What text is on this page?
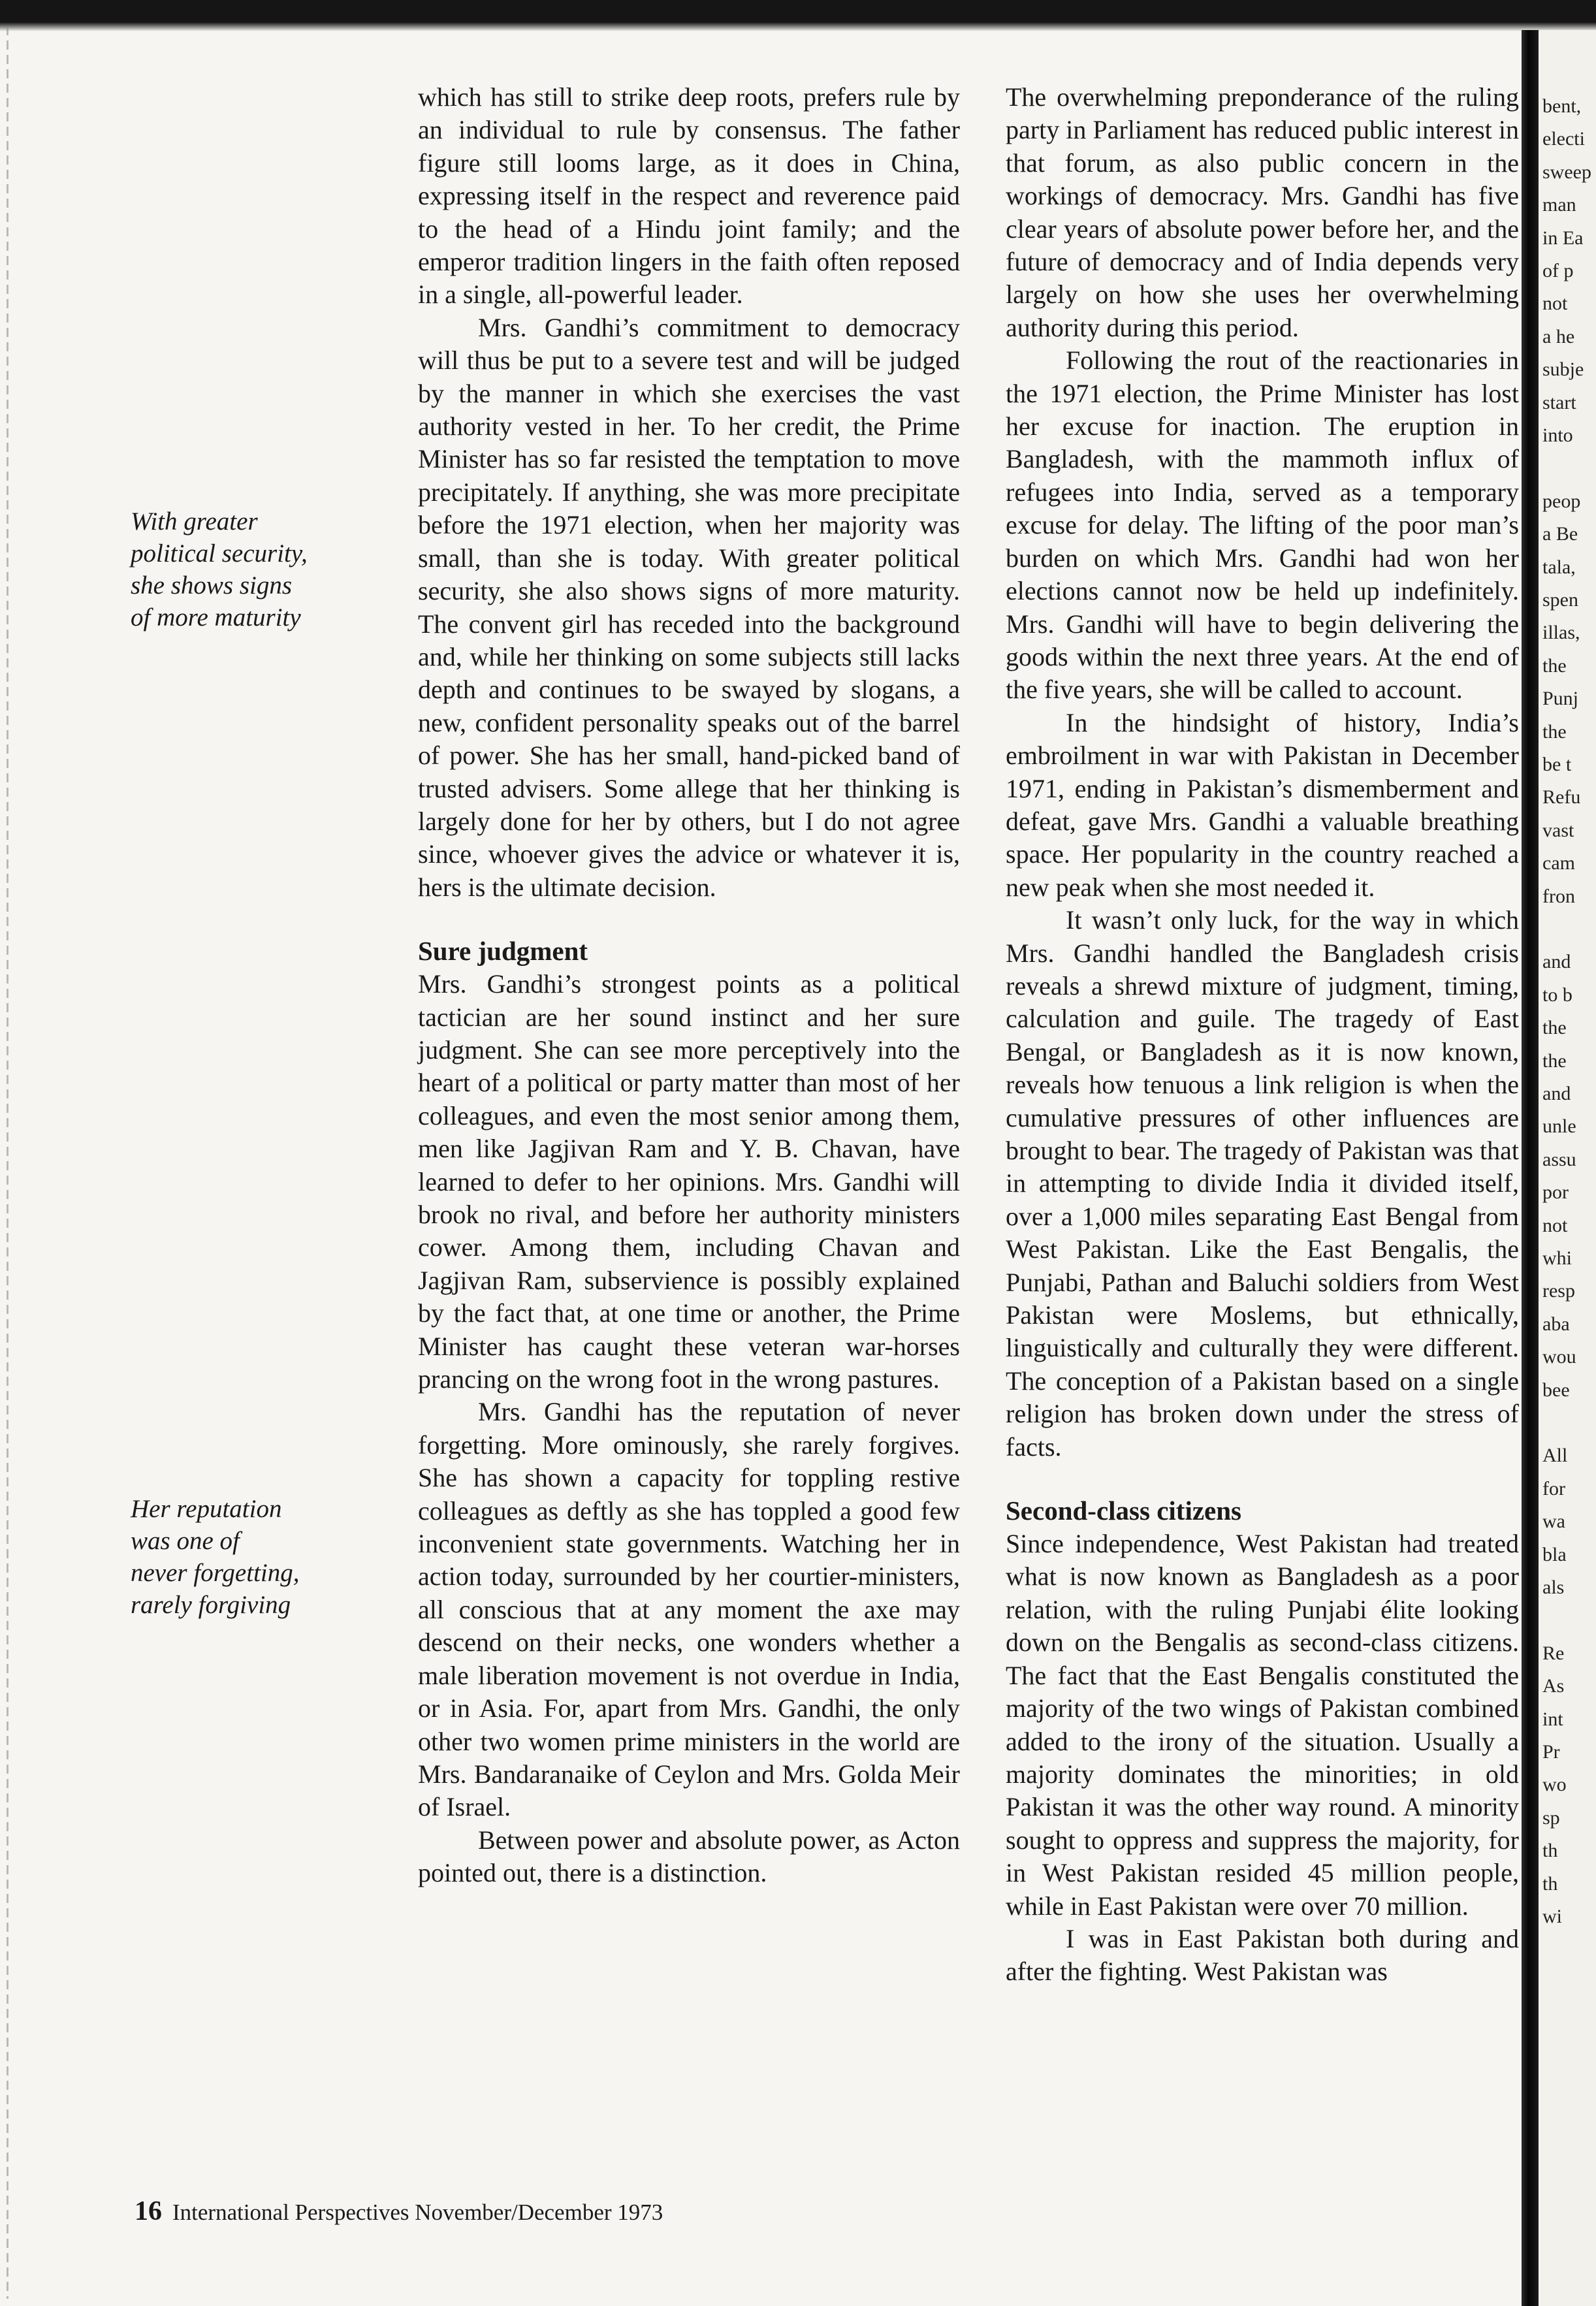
With greater
political security,
she shows signs
of more maturity
Her reputation
was one of
never forgetting,
rarely forgiving

which has still to strike deep roots, prefers rule by an individual to rule by consensus. The father figure still looms large, as it does in China, expressing itself in the respect and reverence paid to the head of a Hindu joint family; and the emperor tradition lingers in the faith often reposed in a single, all-powerful leader.

Mrs. Gandhi’s commitment to democracy will thus be put to a severe test and will be judged by the manner in which she exercises the vast authority vested in her. To her credit, the Prime Minister has so far resisted the temptation to move precipitately. If anything, she was more precipitate before the 1971 election, when her majority was small, than she is today. With greater political security, she also shows signs of more maturity. The convent girl has receded into the background and, while her thinking on some subjects still lacks depth and continues to be swayed by slogans, a new, confident personality speaks out of the barrel of power. She has her small, hand-picked band of trusted advisers. Some allege that her thinking is largely done for her by others, but I do not agree since, whoever gives the advice or whatever it is, hers is the ultimate decision.

Sure judgment

Mrs. Gandhi’s strongest points as a political tactician are her sound instinct and her sure judgment. She can see more perceptively into the heart of a political or party matter than most of her colleagues, and even the most senior among them, men like Jagjivan Ram and Y. B. Chavan, have learned to defer to her opinions. Mrs. Gandhi will brook no rival, and before her authority ministers cower. Among them, including Chavan and Jagjivan Ram, subservience is possibly explained by the fact that, at one time or another, the Prime Minister has caught these veteran war-horses prancing on the wrong foot in the wrong pastures.

Mrs. Gandhi has the reputation of never forgetting. More ominously, she rarely forgives. She has shown a capacity for toppling restive colleagues as deftly as she has toppled a good few inconvenient state governments. Watching her in action today, surrounded by her courtier-ministers, all conscious that at any moment the axe may descend on their necks, one wonders whether a male liberation movement is not overdue in India, or in Asia. For, apart from Mrs. Gandhi, the only other two women prime ministers in the world are Mrs. Bandaranaike of Ceylon and Mrs. Golda Meir of Israel.

Between power and absolute power, as Acton pointed out, there is a distinction.

The overwhelming preponderance of the ruling party in Parliament has reduced public interest in that forum, as also public concern in the workings of democracy. Mrs. Gandhi has five clear years of absolute power before her, and the future of democracy and of India depends very largely on how she uses her overwhelming authority during this period.

Following the rout of the reactionaries in the 1971 election, the Prime Minister has lost her excuse for inaction. The eruption in Bangladesh, with the mammoth influx of refugees into India, served as a temporary excuse for delay. The lifting of the poor man’s burden on which Mrs. Gandhi had won her elections cannot now be held up indefinitely. Mrs. Gandhi will have to begin delivering the goods within the next three years. At the end of the five years, she will be called to account.

In the hindsight of history, India’s embroilment in war with Pakistan in December 1971, ending in Pakistan’s dismemberment and defeat, gave Mrs. Gandhi a valuable breathing space. Her popularity in the country reached a new peak when she most needed it.

It wasn’t only luck, for the way in which Mrs. Gandhi handled the Bangladesh crisis reveals a shrewd mixture of judgment, timing, calculation and guile. The tragedy of East Bengal, or Bangladesh as it is now known, reveals how tenuous a link religion is when the cumulative pressures of other influences are brought to bear. The tragedy of Pakistan was that in attempting to divide India it divided itself, over a 1,000 miles separating East Bengal from West Pakistan. Like the East Bengalis, the Punjabi, Pathan and Baluchi soldiers from West Pakistan were Moslems, but ethnically, linguistically and culturally they were different. The conception of a Pakistan based on a single religion has broken down under the stress of facts.

Second-class citizens

Since independence, West Pakistan had treated what is now known as Bangladesh as a poor relation, with the ruling Punjabi élite looking down on the Bengalis as second-class citizens. The fact that the East Bengalis constituted the majority of the two wings of Pakistan combined added to the irony of the situation. Usually a majority dominates the minorities; in old Pakistan it was the other way round. A minority sought to oppress and suppress the majority, for in West Pakistan resided 45 million people, while in East Pakistan were over 70 million.

I was in East Pakistan both during and after the fighting. West Pakistan was

bent,
electi
sweep
man
in Ea
of p
not
a he
subje
start
into
peop
a Be
tala,
spen
illas,
the
Punj
the
be t
Refu
vast
cam
fron
and
to b
the
the
and
unle
assu
por
not
whi
resp
aba
wou
bee
All
for
wa
bla
als
Re
As
int
Pr
wo
sp
th
th
wi
16 International Perspectives November/December 1973
